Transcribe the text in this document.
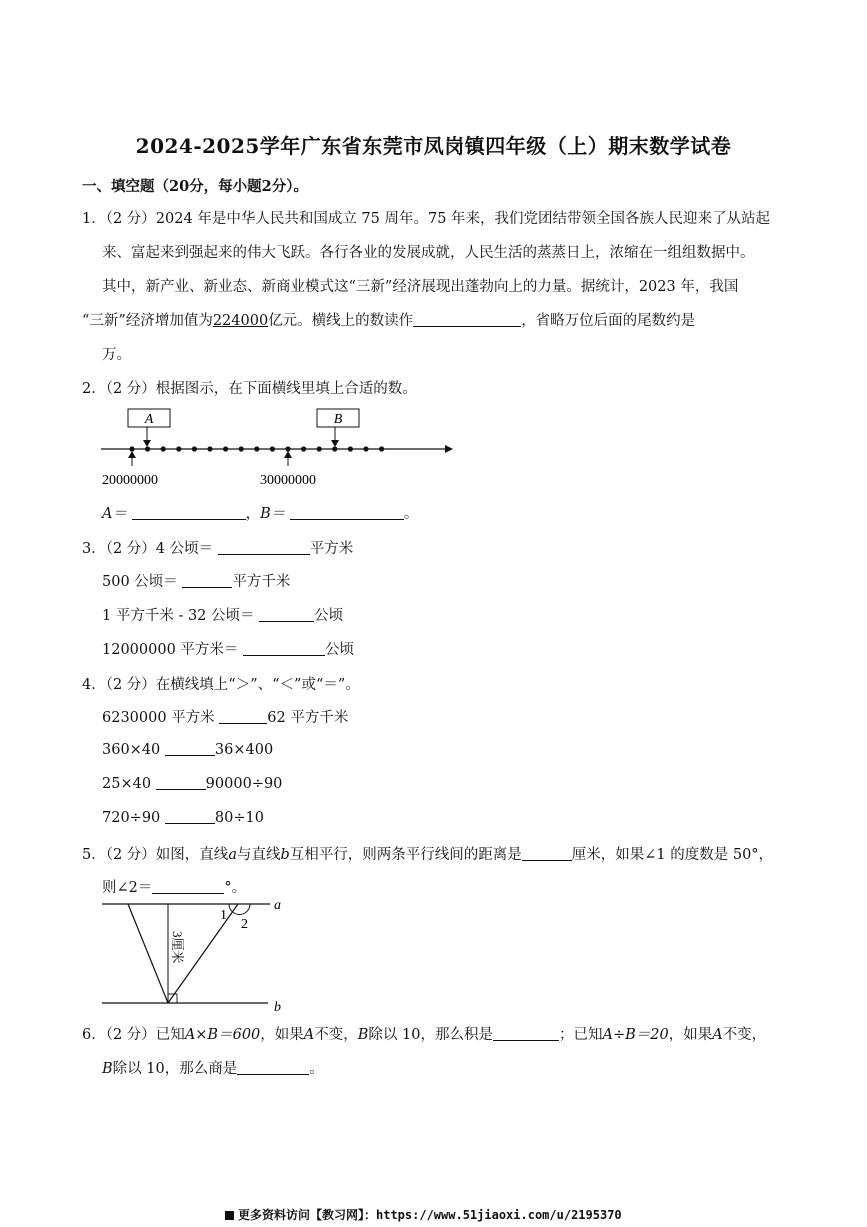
2024-2025学年广东省东莞市凤岗镇四年级（上）期末数学试卷
一、填空题（20分，每小题2分）。
1．（2 分）2024 年是中华人民共和国成立 75 周年。75 年来，我们党团结带领全国各族人民迎来了从站起
来、富起来到强起来的伟大飞跃。各行各业的发展成就，人民生活的蒸蒸日上，浓缩在一组组数据中。
其中，新产业、新业态、新商业模式这“三新”经济展现出蓬勃向上的力量。据统计，2023 年，我国
“三新”经济增加值为224000亿元。横线上的数读作	，省略万位后面的尾数约是
万。
2．（2 分）根据图示，在下面横线里填上合适的数。
A	B
20000000	30000000
A＝	，B＝	。
3．（2 分）4 公顷＝	平方米
500 公顷＝	平方千米
1 平方千米 - 32 公顷＝	公顷
12000000 平方米＝	公顷
4．（2 分）在横线填上“＞”、“＜”或“＝”。
6230000 平方米	62 平方千米
360×40	36×400
25×40	90000÷90
720÷90	80÷10
5．（2 分）如图，直线a与直线b互相平行，则两条平行线间的距离是	厘米，如果∠1 的度数是 50°，
则∠2＝	°。
1
2
a
b
3厘米
6．（2 分）已知A×B＝600，如果A不变，B除以 10，那么积是	；已知A÷B＝20，如果A不变，
B除以 10，那么商是	。
更多资料访问【教习网】：https://www.51jiaoxi.com/u/2195370
